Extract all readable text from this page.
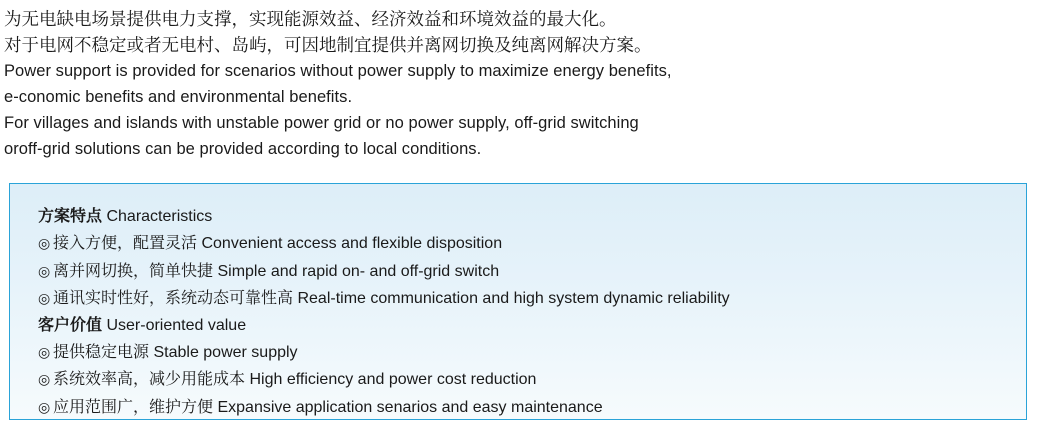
为无电缺电场景提供电力支撑，实现能源效益、经济效益和环境效益的最大化。
对于电网不稳定或者无电村、岛屿，可因地制宜提供并离网切换及纯离网解决方案。
Power support is provided for scenarios without power supply to maximize energy benefits,
e-conomic benefits and environmental benefits.
For villages and islands with unstable power grid or no power supply, off-grid switching
oroff-grid solutions can be provided according to local conditions.
方案特点 Characteristics
◎ 接入方便，配置灵活 Convenient access and flexible disposition
◎ 离并网切换，简单快捷 Simple and rapid on- and off-grid switch
◎ 通讯实时性好，系统动态可靠性高 Real-time communication and high system dynamic reliability
客户价值 User-oriented value
◎ 提供稳定电源 Stable power supply
◎ 系统效率高，减少用能成本 High efficiency and power cost reduction
◎ 应用范围广，维护方便 Expansive application senarios and easy maintenance
